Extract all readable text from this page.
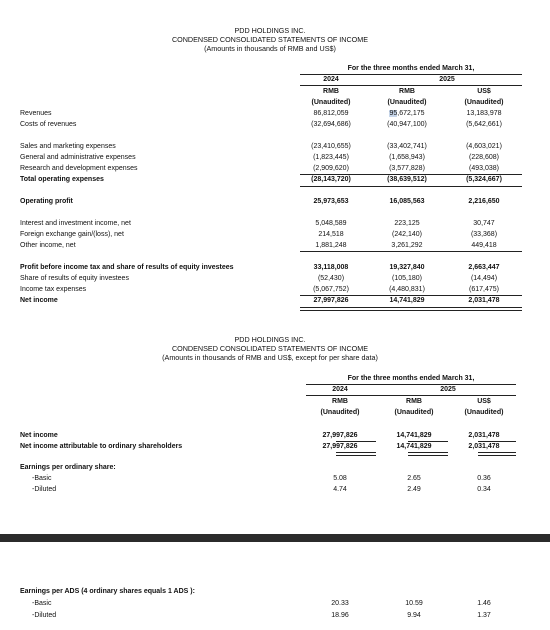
PDD HOLDINGS INC.
CONDENSED CONSOLIDATED STATEMENTS OF INCOME
(Amounts in thousands of RMB and US$)
For the three months ended March 31,
2024	2025
RMB	RMB	US$
(Unaudited)	(Unaudited)	(Unaudited)
Revenues	86,812,059	95,672,175	13,183,978
Costs of revenues	(32,694,686)	(40,947,100)	(5,642,661)
Sales and marketing expenses	(23,410,655)	(33,402,741)	(4,603,021)
General and administrative expenses	(1,823,445)	(1,658,943)	(228,608)
Research and development expenses	(2,909,620)	(3,577,828)	(493,038)
Total operating expenses	(28,143,720)	(38,639,512)	(5,324,667)
Operating profit	25,973,653	16,085,563	2,216,650
Interest and investment income, net	5,048,589	223,125	30,747
Foreign exchange gain/(loss), net	214,518	(242,140)	(33,368)
Other income, net	1,881,248	3,261,292	449,418
Profit before income tax and share of results of equity investees	33,118,008	19,327,840	2,663,447
Share of results of equity investees	(52,430)	(105,180)	(14,494)
Income tax expenses	(5,067,752)	(4,480,831)	(617,475)
Net income	27,997,826	14,741,829	2,031,478
PDD HOLDINGS INC.
CONDENSED CONSOLIDATED STATEMENTS OF INCOME
(Amounts in thousands of RMB and US$, except for per share data)
For the three months ended March 31,
2024	2025
RMB	RMB	US$
(Unaudited)	(Unaudited)	(Unaudited)
Net income	27,997,826	14,741,829	2,031,478
Net income attributable to ordinary shareholders	27,997,826	14,741,829	2,031,478
Earnings per ordinary share:
-Basic	5.08	2.65	0.36
-Diluted	4.74	2.49	0.34
Earnings per ADS (4 ordinary shares equals 1 ADS ):
-Basic	20.33	10.59	1.46
-Diluted	18.96	9.94	1.37
